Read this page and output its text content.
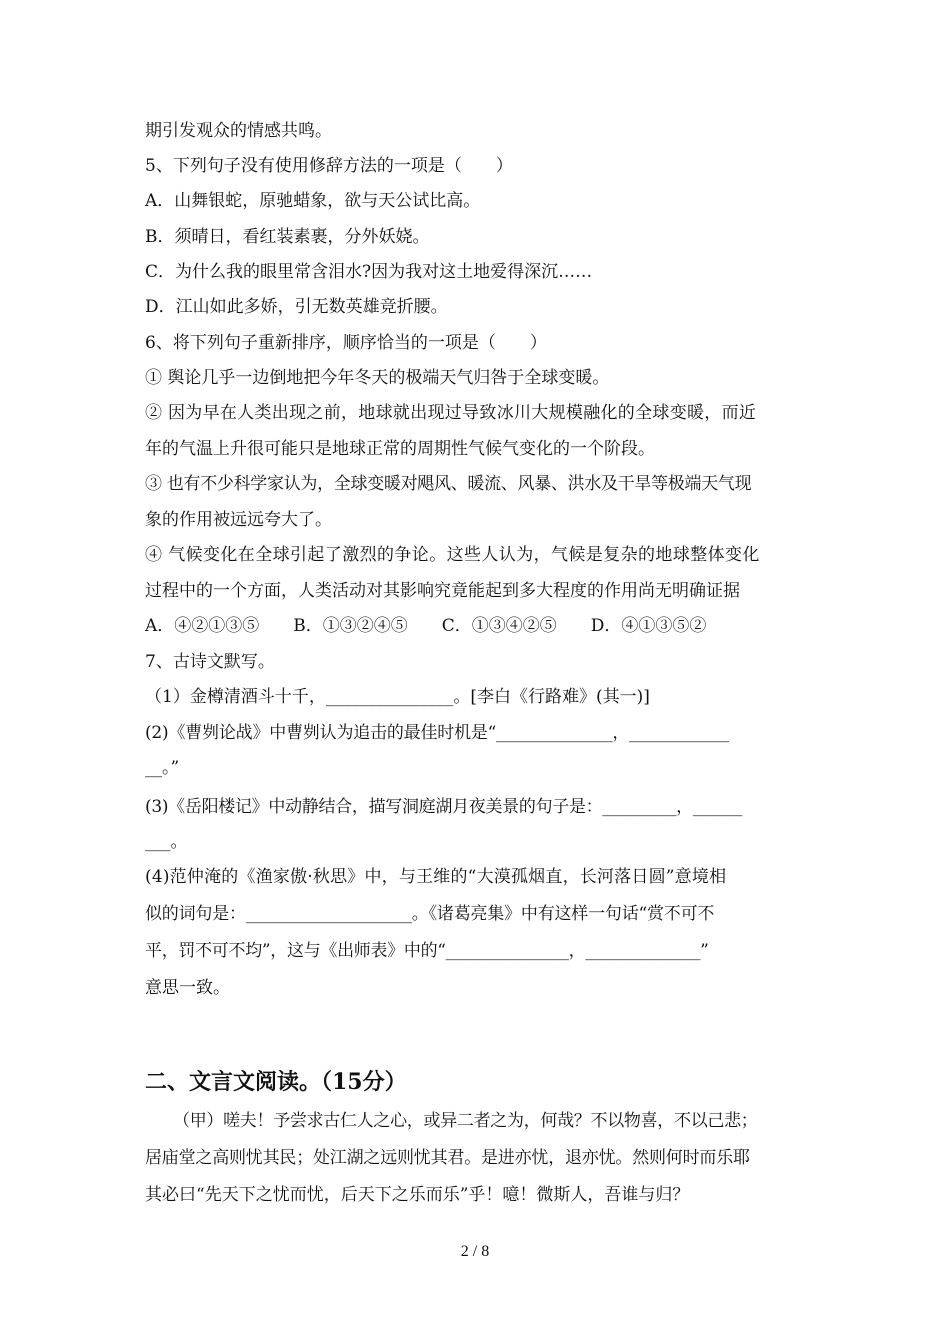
期引发观众的情感共鸣。
5、下列句子没有使用修辞方法的一项是（　　）
A．山舞银蛇，原驰蜡象，欲与天公试比高。
B．须晴日，看红装素裹，分外妖娆。
C．为什么我的眼里常含泪水?因为我对这土地爱得深沉……
D．江山如此多娇，引无数英雄竞折腰。
6、将下列句子重新排序，顺序恰当的一项是（　　）
① 舆论几乎一边倒地把今年冬天的极端天气归咎于全球变暖。
② 因为早在人类出现之前，地球就出现过导致冰川大规模融化的全球变暖，而近
年的气温上升很可能只是地球正常的周期性气候气变化的一个阶段。
③ 也有不少科学家认为，全球变暖对飓风、暖流、风暴、洪水及干旱等极端天气现
象的作用被远远夸大了。
④ 气候变化在全球引起了激烈的争论。这些人认为，气候是复杂的地球整体变化
过程中的一个方面，人类活动对其影响究竟能起到多大程度的作用尚无明确证据
A．④②①③⑤　　B．①③②④⑤　　C．①③④②⑤　　D．④①③⑤②
7、古诗文默写。
（1）金樽清酒斗十千，_______________。[李白《行路难》(其一)]
(2)《曹刿论战》中曹刿认为追击的最佳时机是“______________，____________
__。”
(3)《岳阳楼记》中动静结合，描写洞庭湖月夜美景的句子是：_________，______
___。
(4)范仲淹的《渔家傲·秋思》中，与王维的“大漠孤烟直，长河落日圆”意境相
似的词句是：____________________。《诸葛亮集》中有这样一句话“赏不可不
平，罚不可不均”，这与《出师表》中的“_______________，______________”
意思一致。
二、文言文阅读。（15分）
（甲）嗟夫！予尝求古仁人之心，或异二者之为，何哉？不以物喜，不以己悲；
居庙堂之高则忧其民；处江湖之远则忧其君。是进亦忧，退亦忧。然则何时而乐耶
其必曰“先天下之忧而忧，后天下之乐而乐”乎！噫！微斯人，吾谁与归？
2 / 8
